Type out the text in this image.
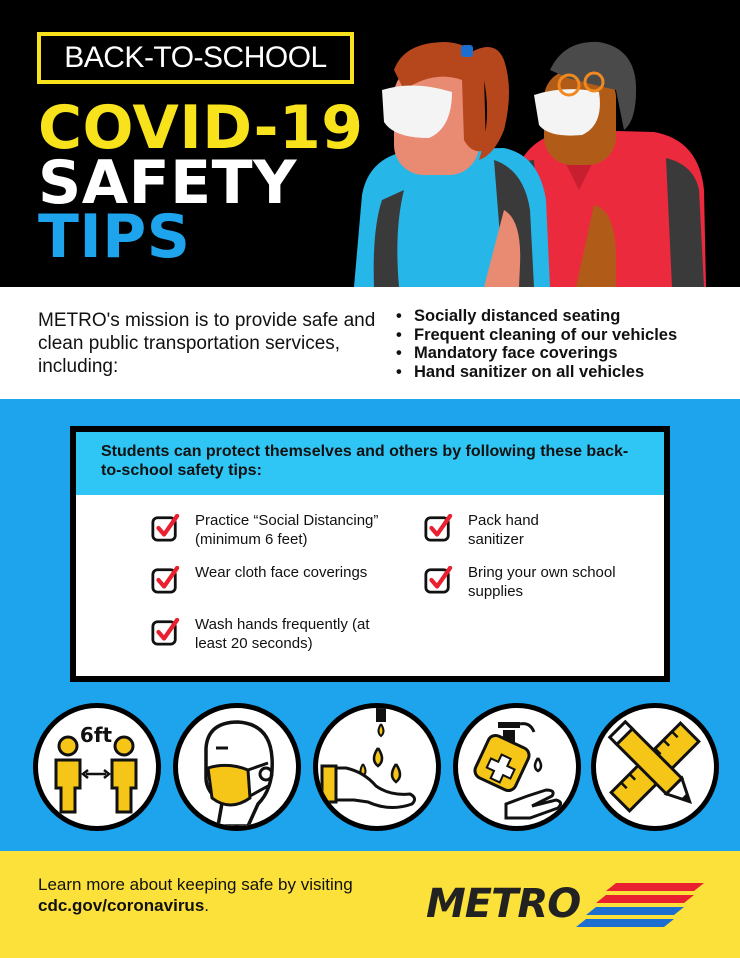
BACK-TO-SCHOOL
COVID-19
SAFETY
TIPS

METRO's mission is to provide safe and clean public transportation services, including:

• Socially distanced seating
• Frequent cleaning of our vehicles
• Mandatory face coverings
• Hand sanitizer on all vehicles
Students can protect themselves and others by following these back-to-school safety tips:
Practice “Social Distancing” (minimum 6 feet)
Wear cloth face coverings
Wash hands frequently (at least 20 seconds)
Pack hand sanitizer
Bring your own school supplies
6ft
Learn more about keeping safe by visiting
cdc.gov/coronavirus.	METRO
